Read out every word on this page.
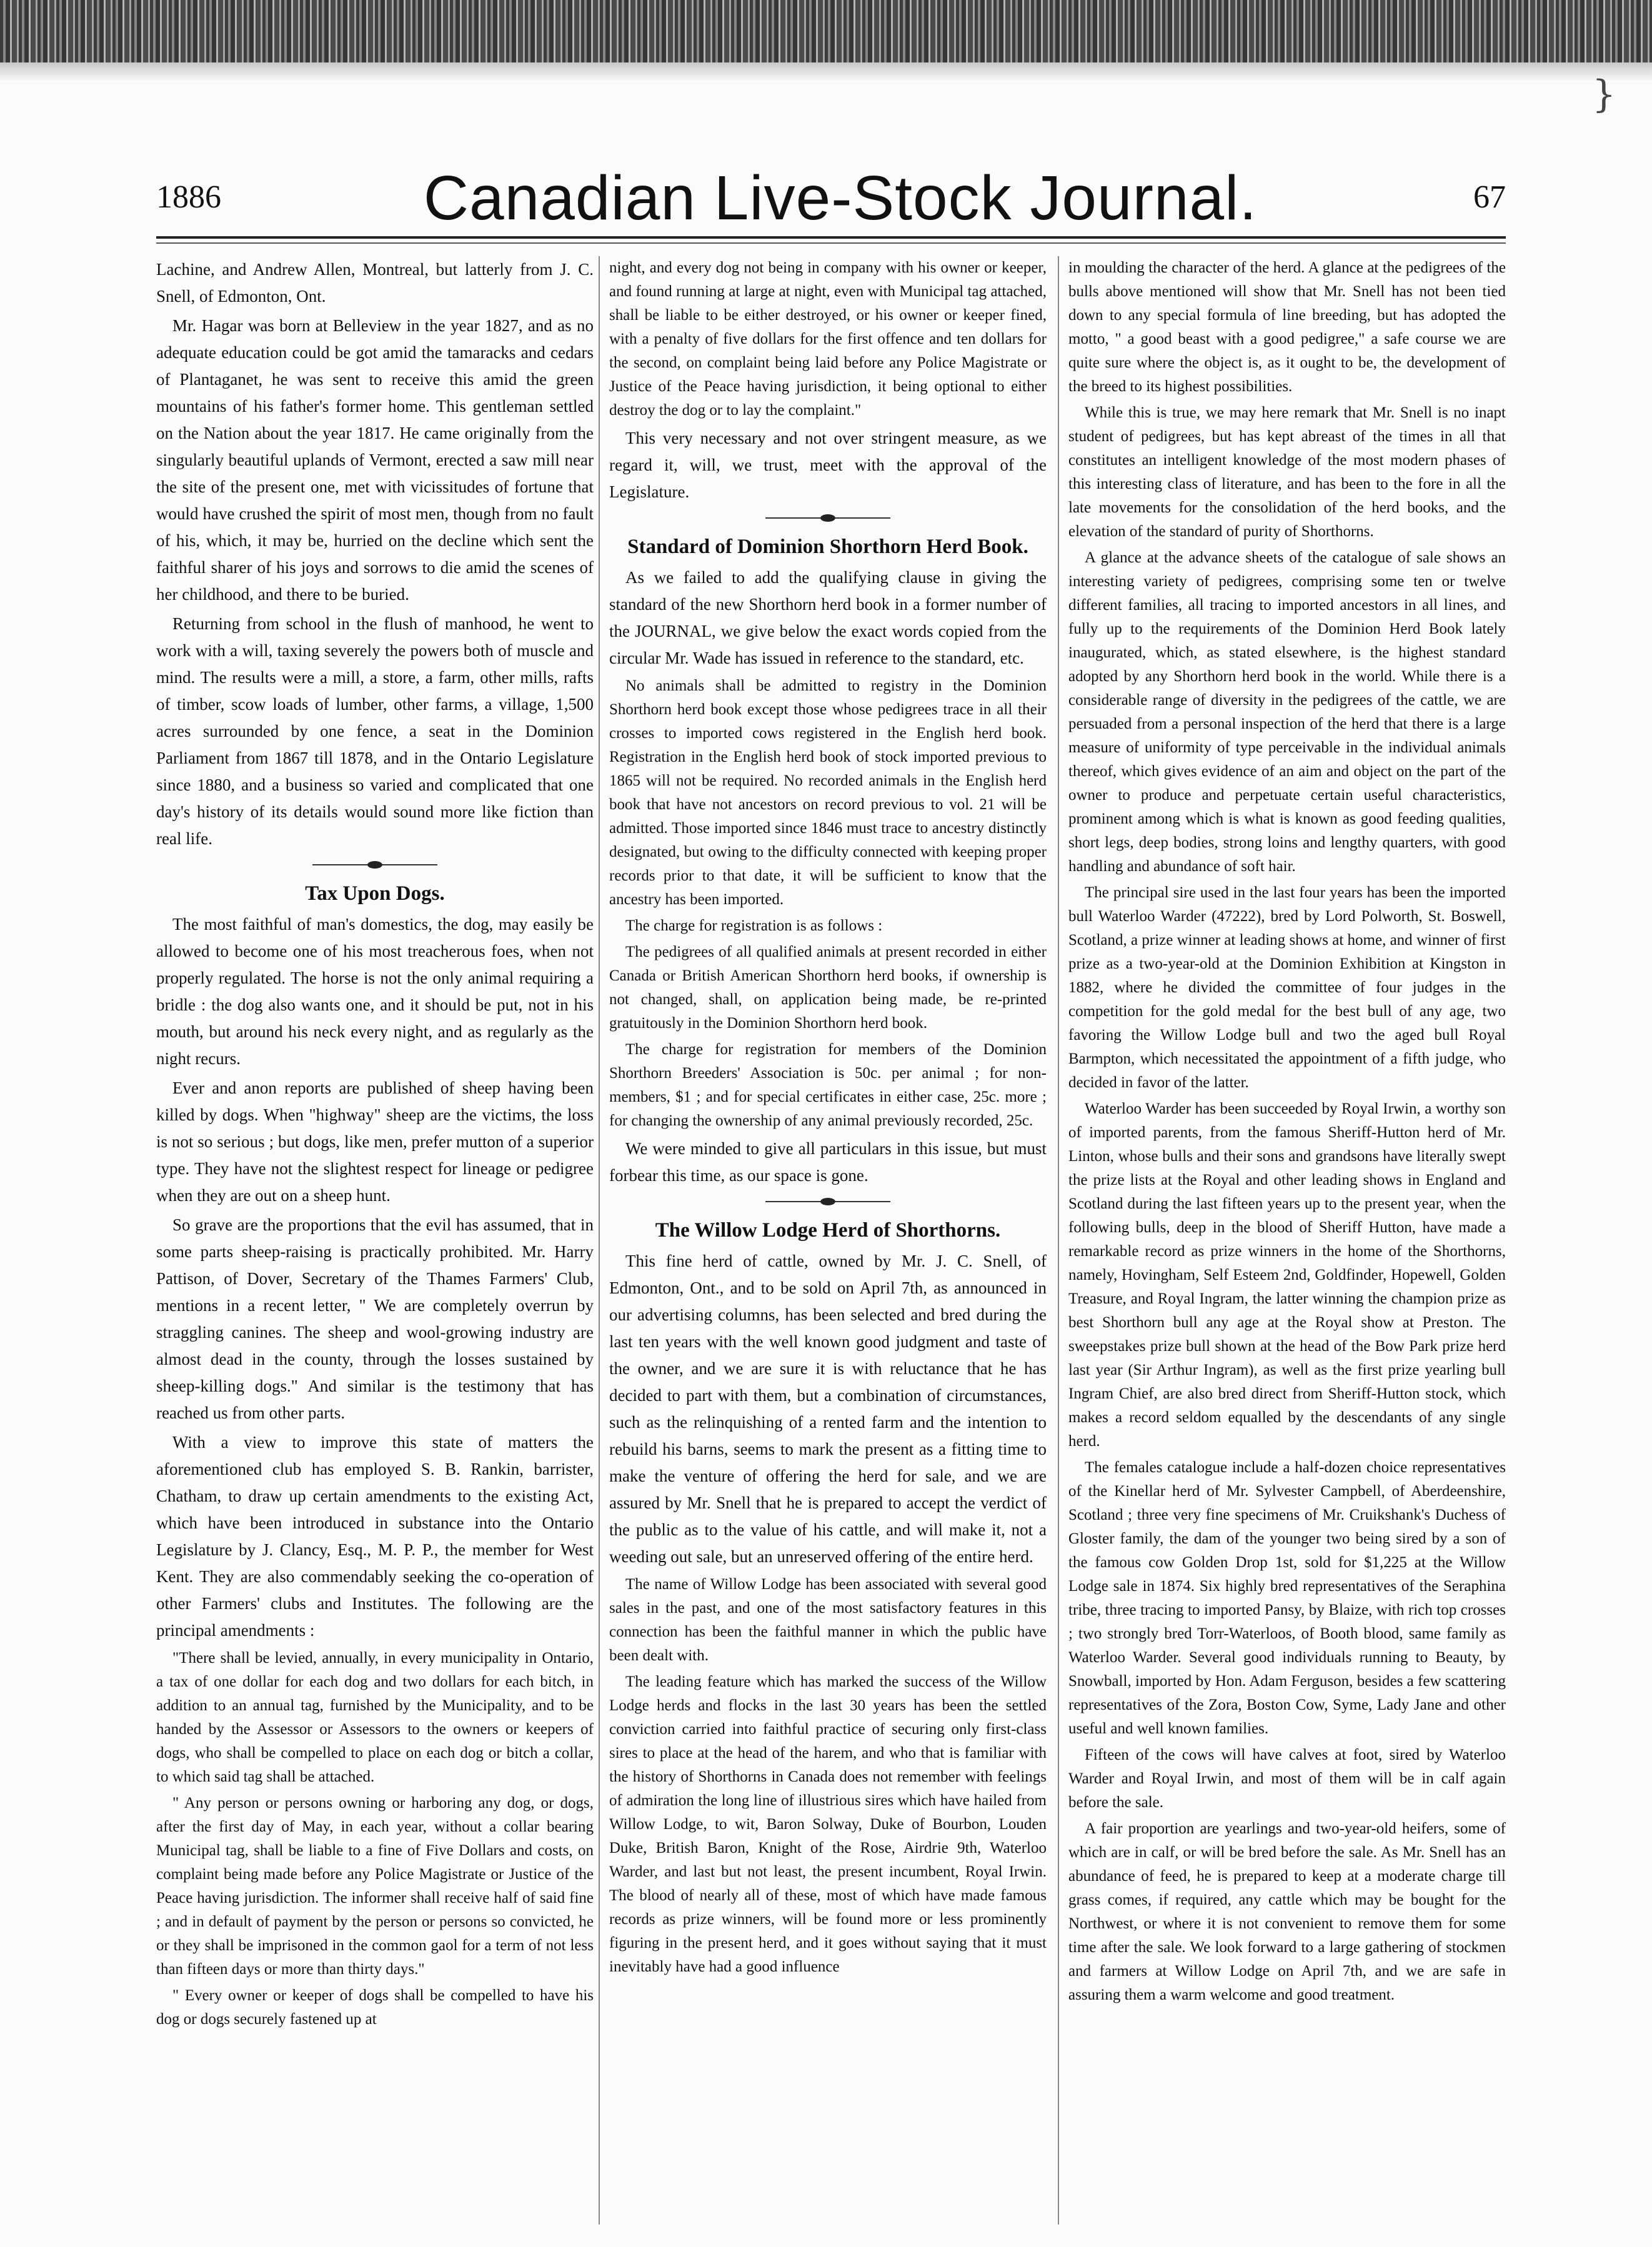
}
1886	Canadian Live-Stock Journal.	67

Lachine, and Andrew Allen, Montreal, but latterly from J. C. Snell, of Edmonton, Ont.

Mr. Hagar was born at Belleview in the year 1827, and as no adequate education could be got amid the tamaracks and cedars of Plantaganet, he was sent to receive this amid the green mountains of his father's former home. This gentleman settled on the Nation about the year 1817. He came originally from the singularly beautiful uplands of Vermont, erected a saw mill near the site of the present one, met with vicissitudes of fortune that would have crushed the spirit of most men, though from no fault of his, which, it may be, hurried on the decline which sent the faithful sharer of his joys and sorrows to die amid the scenes of her childhood, and there to be buried.

Returning from school in the flush of manhood, he went to work with a will, taxing severely the powers both of muscle and mind. The results were a mill, a store, a farm, other mills, rafts of timber, scow loads of lumber, other farms, a village, 1,500 acres surrounded by one fence, a seat in the Dominion Parliament from 1867 till 1878, and in the Ontario Legislature since 1880, and a business so varied and complicated that one day's history of its details would sound more like fiction than real life.

Tax Upon Dogs.

The most faithful of man's domestics, the dog, may easily be allowed to become one of his most treacherous foes, when not properly regulated. The horse is not the only animal requiring a bridle : the dog also wants one, and it should be put, not in his mouth, but around his neck every night, and as regularly as the night recurs.

Ever and anon reports are published of sheep having been killed by dogs. When "highway" sheep are the victims, the loss is not so serious ; but dogs, like men, prefer mutton of a superior type. They have not the slightest respect for lineage or pedigree when they are out on a sheep hunt.

So grave are the proportions that the evil has assumed, that in some parts sheep-raising is practically prohibited. Mr. Harry Pattison, of Dover, Secretary of the Thames Farmers' Club, mentions in a recent letter, " We are completely overrun by straggling canines. The sheep and wool-growing industry are almost dead in the county, through the losses sustained by sheep-killing dogs." And similar is the testimony that has reached us from other parts.

With a view to improve this state of matters the aforementioned club has employed S. B. Rankin, barrister, Chatham, to draw up certain amendments to the existing Act, which have been introduced in substance into the Ontario Legislature by J. Clancy, Esq., M. P. P., the member for West Kent. They are also commendably seeking the co-operation of other Farmers' clubs and Institutes. The following are the principal amendments :

"There shall be levied, annually, in every municipality in Ontario, a tax of one dollar for each dog and two dollars for each bitch, in addition to an annual tag, furnished by the Municipality, and to be handed by the Assessor or Assessors to the owners or keepers of dogs, who shall be compelled to place on each dog or bitch a collar, to which said tag shall be attached.

" Any person or persons owning or harboring any dog, or dogs, after the first day of May, in each year, without a collar bearing Municipal tag, shall be liable to a fine of Five Dollars and costs, on complaint being made before any Police Magistrate or Justice of the Peace having jurisdiction. The informer shall receive half of said fine ; and in default of payment by the person or persons so convicted, he or they shall be imprisoned in the common gaol for a term of not less than fifteen days or more than thirty days."

" Every owner or keeper of dogs shall be compelled to have his dog or dogs securely fastened up at

night, and every dog not being in company with his owner or keeper, and found running at large at night, even with Municipal tag attached, shall be liable to be either destroyed, or his owner or keeper fined, with a penalty of five dollars for the first offence and ten dollars for the second, on complaint being laid before any Police Magistrate or Justice of the Peace having jurisdiction, it being optional to either destroy the dog or to lay the complaint."

This very necessary and not over stringent measure, as we regard it, will, we trust, meet with the approval of the Legislature.

Standard of Dominion Shorthorn Herd Book.

As we failed to add the qualifying clause in giving the standard of the new Shorthorn herd book in a former number of the JOURNAL, we give below the exact words copied from the circular Mr. Wade has issued in reference to the standard, etc.

No animals shall be admitted to registry in the Dominion Shorthorn herd book except those whose pedigrees trace in all their crosses to imported cows registered in the English herd book. Registration in the English herd book of stock imported previous to 1865 will not be required. No recorded animals in the English herd book that have not ancestors on record previous to vol. 21 will be admitted. Those imported since 1846 must trace to ancestry distinctly designated, but owing to the difficulty connected with keeping proper records prior to that date, it will be sufficient to know that the ancestry has been imported.

The charge for registration is as follows :

The pedigrees of all qualified animals at present recorded in either Canada or British American Shorthorn herd books, if ownership is not changed, shall, on application being made, be re-printed gratuitously in the Dominion Shorthorn herd book.

The charge for registration for members of the Dominion Shorthorn Breeders' Association is 50c. per animal ; for non-members, $1 ; and for special certificates in either case, 25c. more ; for changing the ownership of any animal previously recorded, 25c.

We were minded to give all particulars in this issue, but must forbear this time, as our space is gone.

The Willow Lodge Herd of Shorthorns.

This fine herd of cattle, owned by Mr. J. C. Snell, of Edmonton, Ont., and to be sold on April 7th, as announced in our advertising columns, has been selected and bred during the last ten years with the well known good judgment and taste of the owner, and we are sure it is with reluctance that he has decided to part with them, but a combination of circumstances, such as the relinquishing of a rented farm and the intention to rebuild his barns, seems to mark the present as a fitting time to make the venture of offering the herd for sale, and we are assured by Mr. Snell that he is prepared to accept the verdict of the public as to the value of his cattle, and will make it, not a weeding out sale, but an unreserved offering of the entire herd.

The name of Willow Lodge has been associated with several good sales in the past, and one of the most satisfactory features in this connection has been the faithful manner in which the public have been dealt with.

The leading feature which has marked the success of the Willow Lodge herds and flocks in the last 30 years has been the settled conviction carried into faithful practice of securing only first-class sires to place at the head of the harem, and who that is familiar with the history of Shorthorns in Canada does not remember with feelings of admiration the long line of illustrious sires which have hailed from Willow Lodge, to wit, Baron Solway, Duke of Bourbon, Louden Duke, British Baron, Knight of the Rose, Airdrie 9th, Waterloo Warder, and last but not least, the present incumbent, Royal Irwin. The blood of nearly all of these, most of which have made famous records as prize winners, will be found more or less prominently figuring in the present herd, and it goes without saying that it must inevitably have had a good influence

in moulding the character of the herd. A glance at the pedigrees of the bulls above mentioned will show that Mr. Snell has not been tied down to any special formula of line breeding, but has adopted the motto, " a good beast with a good pedigree," a safe course we are quite sure where the object is, as it ought to be, the development of the breed to its highest possibilities.

While this is true, we may here remark that Mr. Snell is no inapt student of pedigrees, but has kept abreast of the times in all that constitutes an intelligent knowledge of the most modern phases of this interesting class of literature, and has been to the fore in all the late movements for the consolidation of the herd books, and the elevation of the standard of purity of Shorthorns.

A glance at the advance sheets of the catalogue of sale shows an interesting variety of pedigrees, comprising some ten or twelve different families, all tracing to imported ancestors in all lines, and fully up to the requirements of the Dominion Herd Book lately inaugurated, which, as stated elsewhere, is the highest standard adopted by any Shorthorn herd book in the world. While there is a considerable range of diversity in the pedigrees of the cattle, we are persuaded from a personal inspection of the herd that there is a large measure of uniformity of type perceivable in the individual animals thereof, which gives evidence of an aim and object on the part of the owner to produce and perpetuate certain useful characteristics, prominent among which is what is known as good feeding qualities, short legs, deep bodies, strong loins and lengthy quarters, with good handling and abundance of soft hair.

The principal sire used in the last four years has been the imported bull Waterloo Warder (47222), bred by Lord Polworth, St. Boswell, Scotland, a prize winner at leading shows at home, and winner of first prize as a two-year-old at the Dominion Exhibition at Kingston in 1882, where he divided the committee of four judges in the competition for the gold medal for the best bull of any age, two favoring the Willow Lodge bull and two the aged bull Royal Barmpton, which necessitated the appointment of a fifth judge, who decided in favor of the latter.

Waterloo Warder has been succeeded by Royal Irwin, a worthy son of imported parents, from the famous Sheriff-Hutton herd of Mr. Linton, whose bulls and their sons and grandsons have literally swept the prize lists at the Royal and other leading shows in England and Scotland during the last fifteen years up to the present year, when the following bulls, deep in the blood of Sheriff Hutton, have made a remarkable record as prize winners in the home of the Shorthorns, namely, Hovingham, Self Esteem 2nd, Goldfinder, Hopewell, Golden Treasure, and Royal Ingram, the latter winning the champion prize as best Shorthorn bull any age at the Royal show at Preston. The sweepstakes prize bull shown at the head of the Bow Park prize herd last year (Sir Arthur Ingram), as well as the first prize yearling bull Ingram Chief, are also bred direct from Sheriff-Hutton stock, which makes a record seldom equalled by the descendants of any single herd.

The females catalogue include a half-dozen choice representatives of the Kinellar herd of Mr. Sylvester Campbell, of Aberdeenshire, Scotland ; three very fine specimens of Mr. Cruikshank's Duchess of Gloster family, the dam of the younger two being sired by a son of the famous cow Golden Drop 1st, sold for $1,225 at the Willow Lodge sale in 1874. Six highly bred representatives of the Seraphina tribe, three tracing to imported Pansy, by Blaize, with rich top crosses ; two strongly bred Torr-Waterloos, of Booth blood, same family as Waterloo Warder. Several good individuals running to Beauty, by Snowball, imported by Hon. Adam Ferguson, besides a few scattering representatives of the Zora, Boston Cow, Syme, Lady Jane and other useful and well known families.

Fifteen of the cows will have calves at foot, sired by Waterloo Warder and Royal Irwin, and most of them will be in calf again before the sale.

A fair proportion are yearlings and two-year-old heifers, some of which are in calf, or will be bred before the sale. As Mr. Snell has an abundance of feed, he is prepared to keep at a moderate charge till grass comes, if required, any cattle which may be bought for the Northwest, or where it is not convenient to remove them for some time after the sale. We look forward to a large gathering of stockmen and farmers at Willow Lodge on April 7th, and we are safe in assuring them a warm welcome and good treatment.
